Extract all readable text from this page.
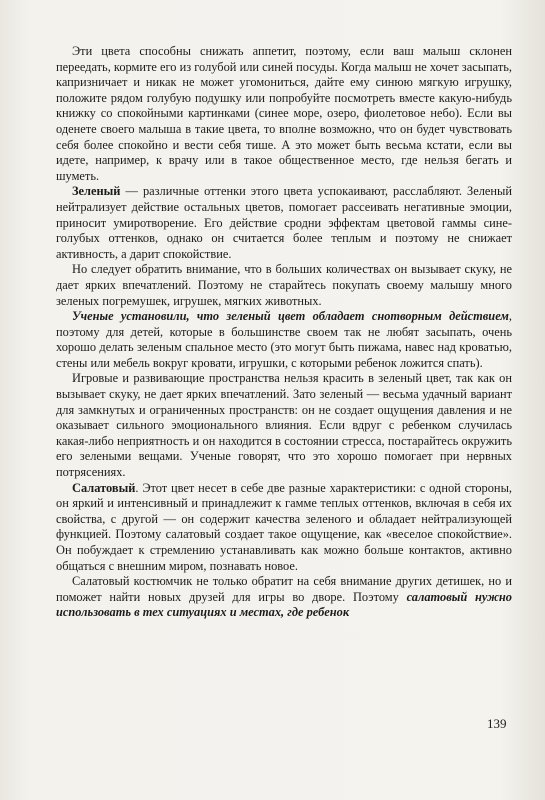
Эти цвета способны снижать аппетит, поэтому, если ваш малыш склонен переедать, кормите его из голубой или синей посуды. Когда малыш не хочет засыпать, капризничает и никак не может угомониться, дайте ему синюю мягкую игрушку, положите рядом голубую подушку или попробуйте посмотреть вместе какую-нибудь книжку со спокойными картинками (синее море, озеро, фиолетовое небо). Если вы оденете своего малыша в такие цвета, то вполне возможно, что он будет чувствовать себя более спокойно и вести себя тише. А это может быть весьма кстати, если вы идете, например, к врачу или в такое общественное место, где нельзя бегать и шуметь.

Зеленый — различные оттенки этого цвета успокаивают, расслабляют. Зеленый нейтрализует действие остальных цветов, помогает рассеивать негативные эмоции, приносит умиротворение. Его действие сродни эффектам цветовой гаммы сине-голубых оттенков, однако он считается более теплым и поэтому не снижает активность, а дарит спокойствие.

Но следует обратить внимание, что в больших количествах он вызывает скуку, не дает ярких впечатлений. Поэтому не старайтесь покупать своему малышу много зеленых погремушек, игрушек, мягких животных.

Ученые установили, что зеленый цвет обладает снотворным действием, поэтому для детей, которые в большинстве своем так не любят засыпать, очень хорошо делать зеленым спальное место (это могут быть пижама, навес над кроватью, стены или мебель вокруг кровати, игрушки, с которыми ребенок ложится спать).

Игровые и развивающие пространства нельзя красить в зеленый цвет, так как он вызывает скуку, не дает ярких впечатлений. Зато зеленый — весьма удачный вариант для замкнутых и ограниченных пространств: он не создает ощущения давления и не оказывает сильного эмоционального влияния. Если вдруг с ребенком случилась какая-либо неприятность и он находится в состоянии стресса, постарайтесь окружить его зелеными вещами. Ученые говорят, что это хорошо помогает при нервных потрясениях.

Салатовый. Этот цвет несет в себе две разные характеристики: с одной стороны, он яркий и интенсивный и принадлежит к гамме теплых оттенков, включая в себя их свойства, с другой — он содержит качества зеленого и обладает нейтрализующей функцией. Поэтому салатовый создает такое ощущение, как «веселое спокойствие». Он побуждает к стремлению устанавливать как можно больше контактов, активно общаться с внешним миром, познавать новое.

Салатовый костюмчик не только обратит на себя внимание других детишек, но и поможет найти новых друзей для игры во дворе. Поэтому салатовый нужно использовать в тех ситуациях и местах, где ребенок

139
